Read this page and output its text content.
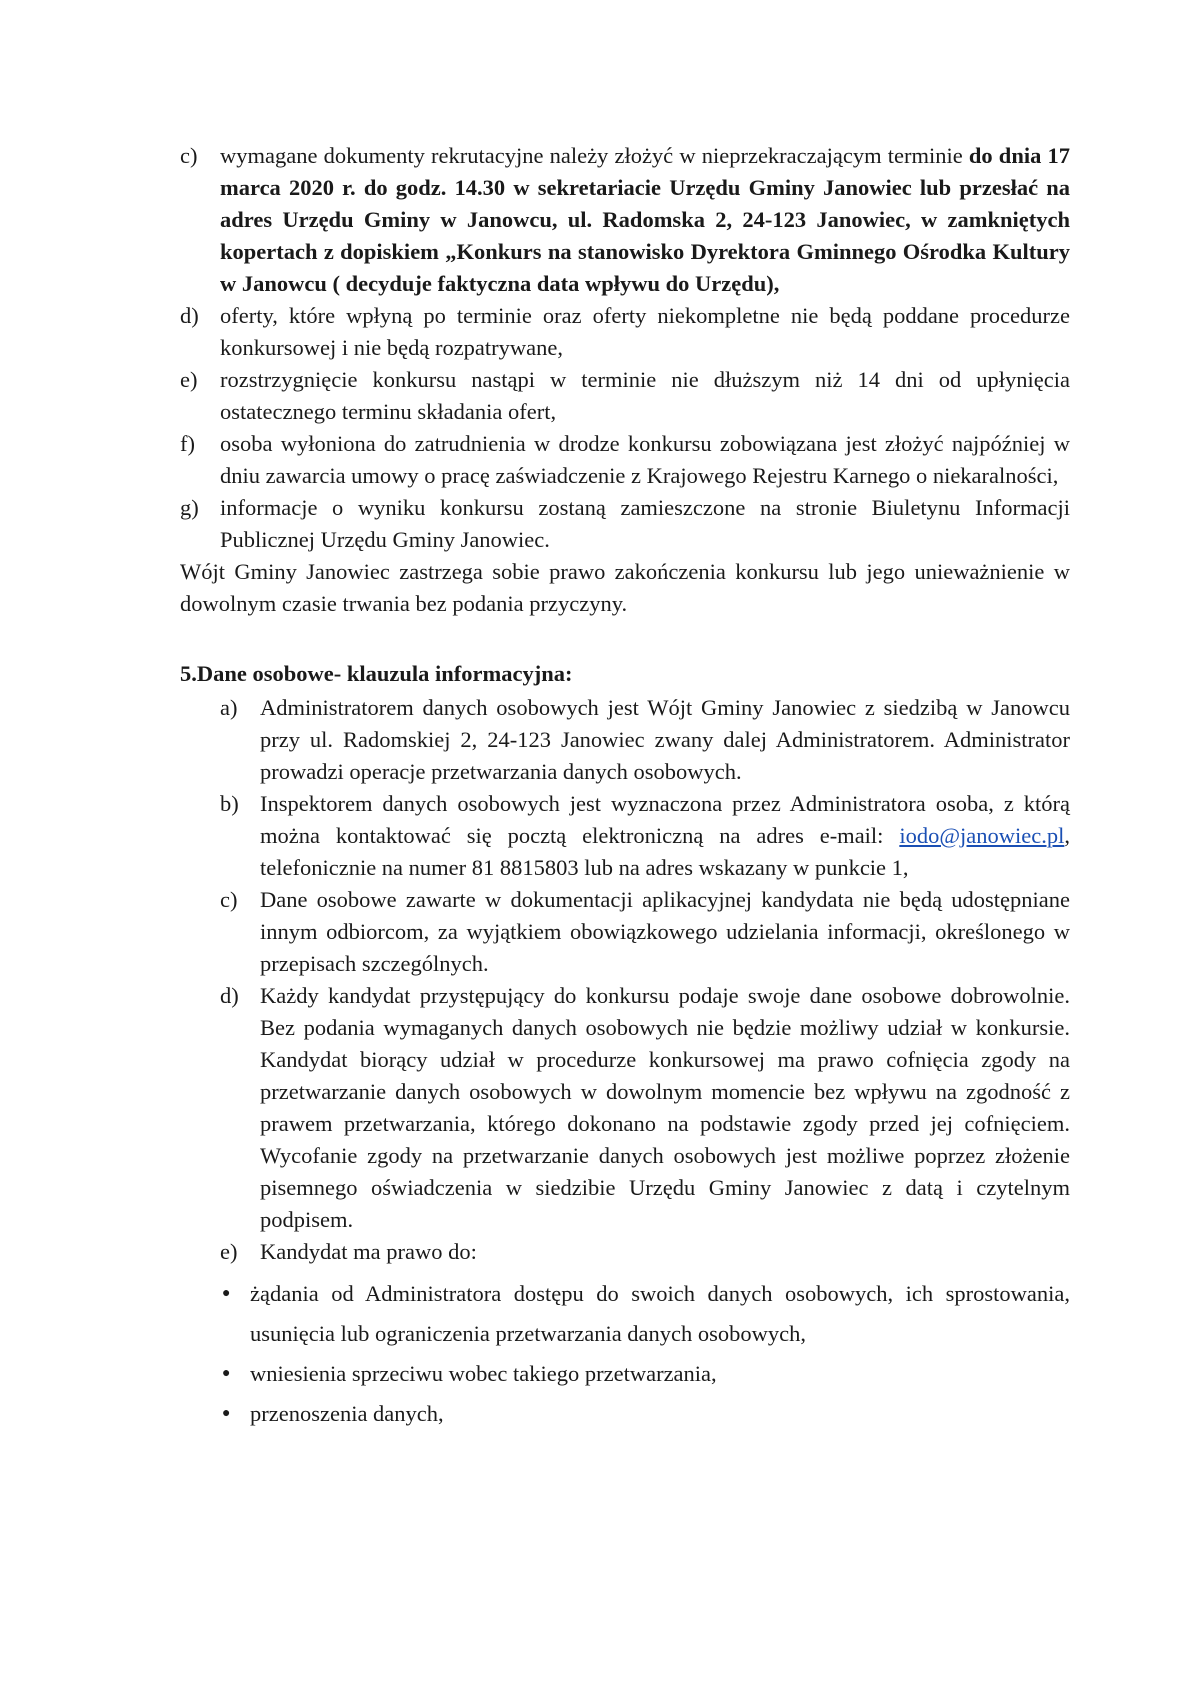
c)	wymagane dokumenty rekrutacyjne należy złożyć w nieprzekraczającym terminie do dnia 17 marca 2020 r. do godz. 14.30 w sekretariacie Urzędu Gminy Janowiec lub przesłać na adres Urzędu Gminy w Janowcu, ul. Radomska 2, 24-123 Janowiec, w zamkniętych kopertach z dopiskiem „Konkurs na stanowisko Dyrektora Gminnego Ośrodka Kultury w Janowcu ( decyduje faktyczna data wpływu do Urzędu),
d) oferty, które wpłyną po terminie oraz oferty niekompletne nie będą poddane procedurze konkursowej i nie będą rozpatrywane,
e)	rozstrzygnięcie konkursu nastąpi w terminie nie dłuższym niż 14 dni od upłynięcia ostatecznego terminu składania ofert,
f)	osoba wyłoniona do zatrudnienia w drodze konkursu zobowiązana jest złożyć najpóźniej w dniu zawarcia umowy o pracę zaświadczenie z Krajowego Rejestru Karnego o niekaralności,
g) informacje o wyniku konkursu zostaną zamieszczone na stronie Biuletynu Informacji Publicznej Urzędu Gminy Janowiec.
Wójt Gminy Janowiec zastrzega sobie prawo zakończenia konkursu lub jego unieważnienie w dowolnym czasie trwania bez podania przyczyny.
5.Dane osobowe- klauzula informacyjna:
a)	Administratorem danych osobowych jest Wójt Gminy Janowiec z siedzibą w Janowcu przy ul. Radomskiej 2, 24-123 Janowiec zwany dalej Administratorem. Administrator prowadzi operacje przetwarzania danych osobowych.
b) Inspektorem danych osobowych jest wyznaczona przez Administratora osoba, z którą można kontaktować się pocztą elektroniczną na adres e-mail: iodo@janowiec.pl, telefonicznie na numer 81 8815803 lub na adres wskazany w punkcie 1,
c)	Dane osobowe zawarte w dokumentacji aplikacyjnej kandydata nie będą udostępniane innym odbiorcom, za wyjątkiem obowiązkowego udzielania informacji, określonego w przepisach szczególnych.
d) Każdy kandydat przystępujący do konkursu podaje swoje dane osobowe dobrowolnie. Bez podania wymaganych danych osobowych nie będzie możliwy udział w konkursie. Kandydat biorący udział w procedurze konkursowej ma prawo cofnięcia zgody na przetwarzanie danych osobowych w dowolnym momencie bez wpływu na zgodność z prawem przetwarzania, którego dokonano na podstawie zgody przed jej cofnięciem. Wycofanie zgody na przetwarzanie danych osobowych jest możliwe poprzez złożenie pisemnego oświadczenia w siedzibie Urzędu Gminy Janowiec z datą i czytelnym podpisem.
e)	Kandydat ma prawo do:
● żądania od Administratora dostępu do swoich danych osobowych, ich sprostowania, usunięcia lub ograniczenia przetwarzania danych osobowych,
● wniesienia sprzeciwu wobec takiego przetwarzania,
● przenoszenia danych,
